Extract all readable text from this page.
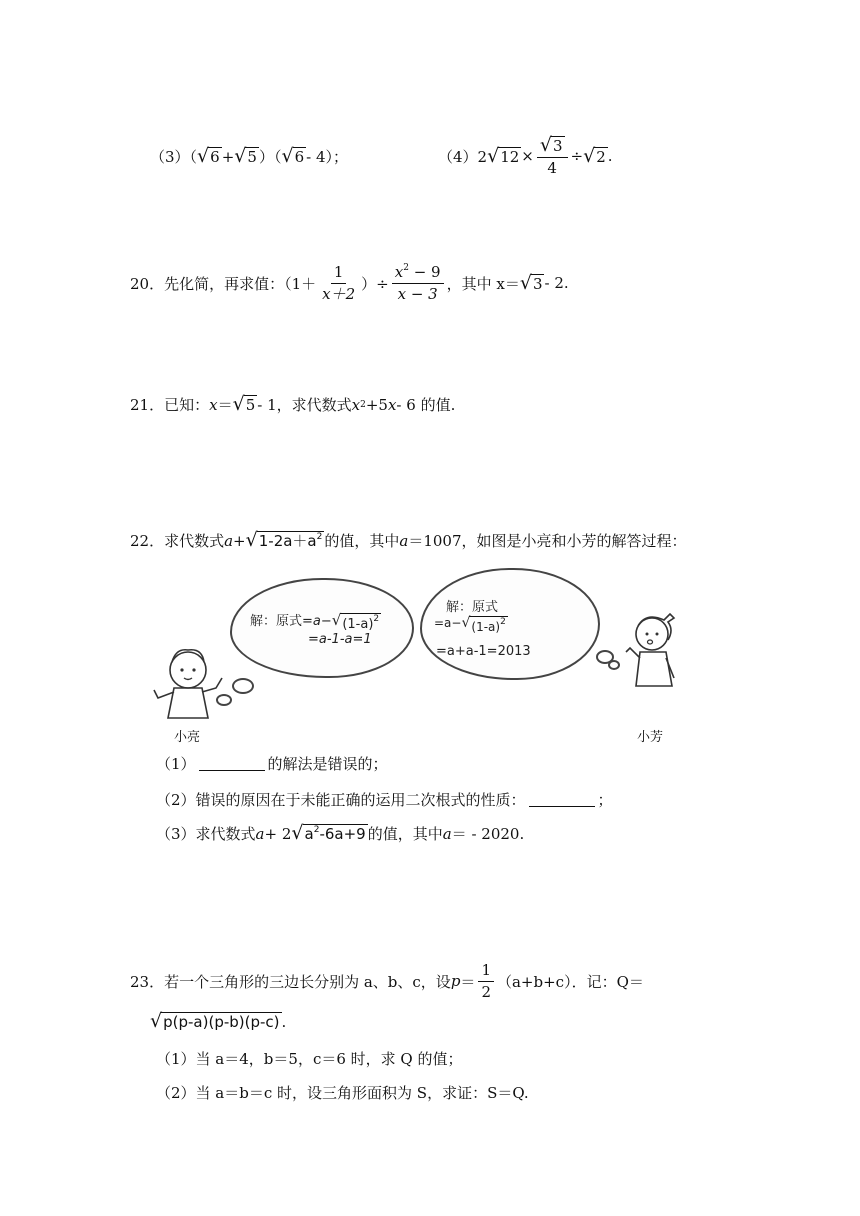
（3）（ √ 6 + √ 5 ）（ √ 6 - 4）；	（4）2 √ $12 \times \frac{√ 3}{4}$ ÷ √ 2 .
20．先化简，再求值：（$1+ \frac{1}{x+2}$ ）÷ $\frac{x^2 - 9}{x - 3}$ ，其中 x＝ √ 3 - 2.
21．已知： x ＝ √ 5 - 1，求代数式 x 2 +5 x - 6 的值.
22．求代数式 a + √ $1-2a+a^2$ 的值，其中 a ＝1007，如图是小亮和小芳的解答过程：
解：原式=a− √ $(1-a)^2$
=a-1-a=1
小亮
解：原式
=a− √ $(1-a)^2$
=a+a-1=2013
小芳
（1）	的解法是错误的；
（2）错误的原因在于未能正确的运用二次根式的性质：	；
（3）求代数式 a + 2 √ $a^2-6a+9$ 的值，其中 a ＝ - 2020.
23．若一个三角形的三边长分别为 a、b、c，设 $p = \frac{1}{2} (a+b+c)$．记：Q＝
√ p(p-a)(p-b)(p-c) .
（1）当 a＝4，b＝5，c＝6 时，求 Q 的值；
（2）当 a＝b＝c 时，设三角形面积为 S，求证：S＝Q.
